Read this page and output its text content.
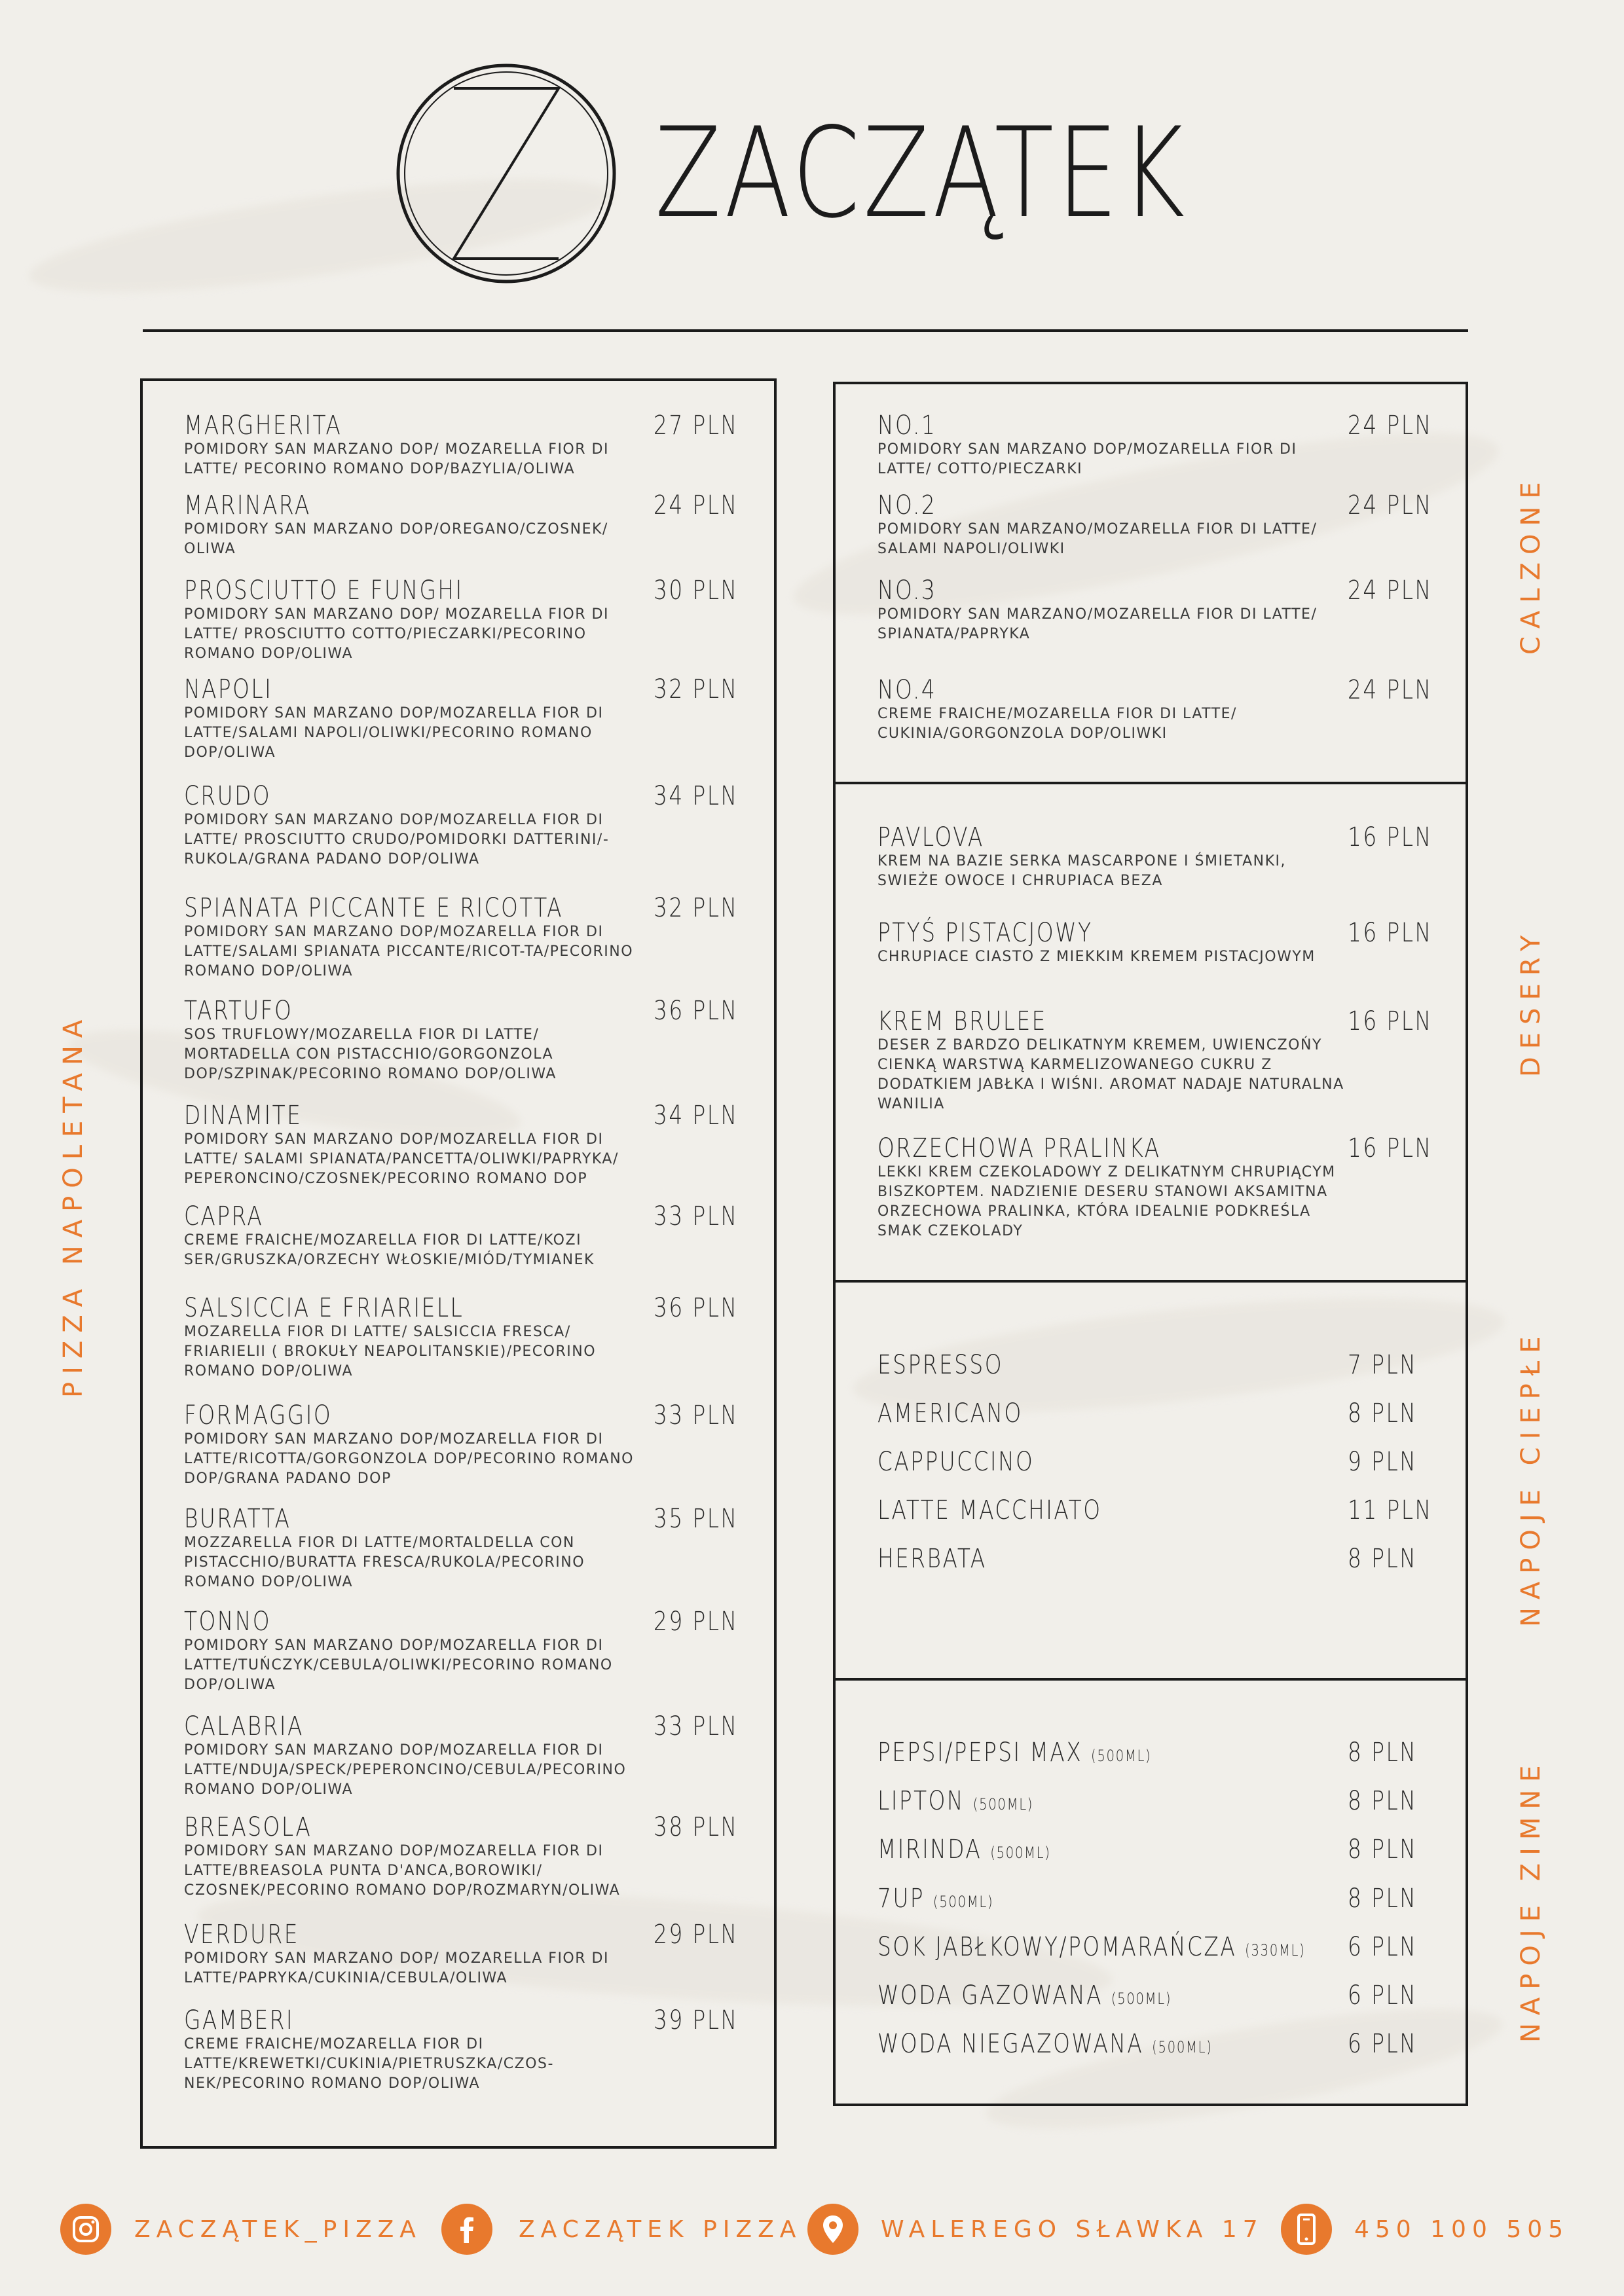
ZACZĄTEK
PIZZA NAPOLETANA
CALZONE
DESERY
NAPOJE CIEPŁE
NAPOJE ZIMNE
MARGHERITA	27 PLN
POMIDORY SAN MARZANO DOP/ MOZARELLA FIOR DI LATTE/ PECORINO ROMANO DOP/BAZYLIA/OLIWA
MARINARA	24 PLN
POMIDORY SAN MARZANO DOP/OREGANO/CZOSNEK/ OLIWA
PROSCIUTTO E FUNGHI	30 PLN
POMIDORY SAN MARZANO DOP/ MOZARELLA FIOR DI LATTE/ PROSCIUTTO COTTO/PIECZARKI/PECORINO ROMANO DOP/OLIWA
NAPOLI	32 PLN
POMIDORY SAN MARZANO DOP/MOZARELLA FIOR DI LATTE/SALAMI NAPOLI/OLIWKI/PECORINO ROMANO DOP/OLIWA
CRUDO	34 PLN
POMIDORY SAN MARZANO DOP/MOZARELLA FIOR DI LATTE/ PROSCIUTTO CRUDO/POMIDORKI DATTERINI/-RUKOLA/GRANA PADANO DOP/OLIWA
SPIANATA PICCANTE E RICOTTA	32 PLN
POMIDORY SAN MARZANO DOP/MOZARELLA FIOR DI LATTE/SALAMI SPIANATA PICCANTE/RICOT-TA/PECORINO ROMANO DOP/OLIWA
TARTUFO	36 PLN
SOS TRUFLOWY/MOZARELLA FIOR DI LATTE/ MORTADELLA CON PISTACCHIO/GORGONZOLA DOP/SZPINAK/PECORINO ROMANO DOP/OLIWA
DINAMITE	34 PLN
POMIDORY SAN MARZANO DOP/MOZARELLA FIOR DI LATTE/ SALAMI SPIANATA/PANCETTA/OLIWKI/PAPRYKA/ PEPERONCINO/CZOSNEK/PECORINO ROMANO DOP
CAPRA	33 PLN
CREME FRAICHE/MOZARELLA FIOR DI LATTE/KOZI SER/GRUSZKA/ORZECHY WŁOSKIE/MIÓD/TYMIANEK
SALSICCIA E FRIARIELL	36 PLN
MOZARELLA FIOR DI LATTE/ SALSICCIA FRESCA/ FRIARIELII ( BROKUŁY NEAPOLITANSKIE)/PECORINO ROMANO DOP/OLIWA
FORMAGGIO	33 PLN
POMIDORY SAN MARZANO DOP/MOZARELLA FIOR DI LATTE/RICOTTA/GORGONZOLA DOP/PECORINO ROMANO DOP/GRANA PADANO DOP
BURATTA	35 PLN
MOZZARELLA FIOR DI LATTE/MORTALDELLA CON PISTACCHIO/BURATTA FRESCA/RUKOLA/PECORINO ROMANO DOP/OLIWA
TONNO	29 PLN
POMIDORY SAN MARZANO DOP/MOZARELLA FIOR DI LATTE/TUŃCZYK/CEBULA/OLIWKI/PECORINO ROMANO DOP/OLIWA
CALABRIA	33 PLN
POMIDORY SAN MARZANO DOP/MOZARELLA FIOR DI LATTE/NDUJA/SPECK/PEPERONCINO/CEBULA/PECORINO ROMANO DOP/OLIWA
BREASOLA	38 PLN
POMIDORY SAN MARZANO DOP/MOZARELLA FIOR DI LATTE/BREASOLA PUNTA D'ANCA,BOROWIKI/ CZOSNEK/PECORINO ROMANO DOP/ROZMARYN/OLIWA
VERDURE	29 PLN
POMIDORY SAN MARZANO DOP/ MOZARELLA FIOR DI LATTE/PAPRYKA/CUKINIA/CEBULA/OLIWA
GAMBERI	39 PLN
CREME FRAICHE/MOZARELLA FIOR DI LATTE/KREWETKI/CUKINIA/PIETRUSZKA/CZOS-NEK/PECORINO ROMANO DOP/OLIWA
NO.1	24 PLN
POMIDORY SAN MARZANO DOP/MOZARELLA FIOR DI LATTE/ COTTO/PIECZARKI
NO.2	24 PLN
POMIDORY SAN MARZANO/MOZARELLA FIOR DI LATTE/ SALAMI NAPOLI/OLIWKI
NO.3	24 PLN
POMIDORY SAN MARZANO/MOZARELLA FIOR DI LATTE/ SPIANATA/PAPRYKA
NO.4	24 PLN
CREME FRAICHE/MOZARELLA FIOR DI LATTE/ CUKINIA/GORGONZOLA DOP/OLIWKI
PAVLOVA	16 PLN
KREM NA BAZIE SERKA MASCARPONE I ŚMIETANKI, SWIEŻE OWOCE I CHRUPIACA BEZA
PTYŚ PISTACJOWY	16 PLN
CHRUPIACE CIASTO Z MIEKKIM KREMEM PISTACJOWYM
KREM BRULEE	16 PLN
DESER Z BARDZO DELIKATNYM KREMEM, UWIENCZOŃY CIENKĄ WARSTWĄ KARMELIZOWANEGO CUKRU Z DODATKIEM JABŁKA I WIŚNI. AROMAT NADAJE NATURALNA WANILIA
ORZECHOWA PRALINKA	16 PLN
LEKKI KREM CZEKOLADOWY Z DELIKATNYM CHRUPIĄCYM BISZKOPTEM. NADZIENIE DESERU STANOWI AKSAMITNA ORZECHOWA PRALINKA, KTÓRA IDEALNIE PODKREŚLA SMAK CZEKOLADY
ESPRESSO	7 PLN
AMERICANO	8 PLN
CAPPUCCINO	9 PLN
LATTE MACCHIATO	11 PLN
HERBATA	8 PLN
PEPSI/PEPSI MAX (500ML)	8 PLN
LIPTON (500ML)	8 PLN
MIRINDA (500ML)	8 PLN
7UP (500ML)	8 PLN
SOK JABŁKOWY/POMARAŃCZA (330ML) 6 PLN
WODA GAZOWANA (500ML)	6 PLN
WODA NIEGAZOWANA (500ML)	6 PLN
ZACZĄTEK_PIZZA	ZACZĄTEK PIZZA	WALEREGO SŁAWKA 17	450 100 505
